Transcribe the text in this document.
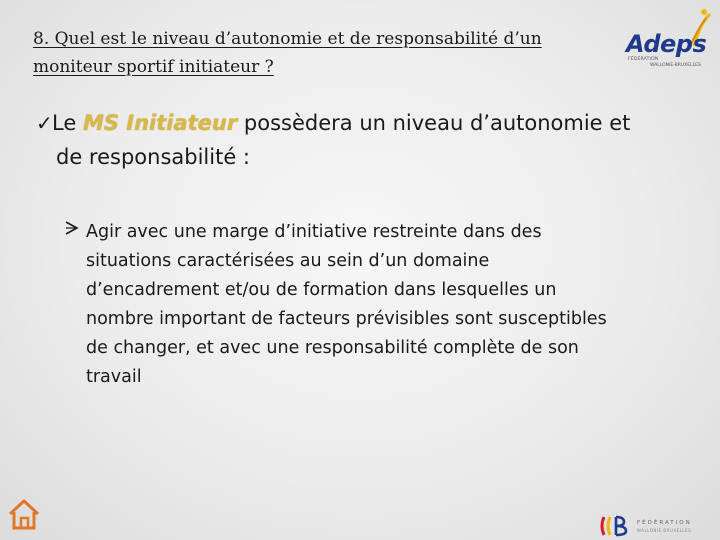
8. Quel est le niveau d’autonomie et de responsabilité d’un
moniteur sportif initiateur ?
Adeps
FÉDÉRATION
WALLONIE-BRUXELLES
✓ Le MS Initiateur possèdera un niveau d’autonomie et
de responsabilité :
Agir avec une marge d’initiative restreinte dans des
situations caractérisées au sein d’un domaine
d’encadrement et/ou de formation dans lesquelles un
nombre important de facteurs prévisibles sont susceptibles
de changer, et avec une responsabilité complète de son
travail
FÉDÉRATION
WALLONIE-BRUXELLES
